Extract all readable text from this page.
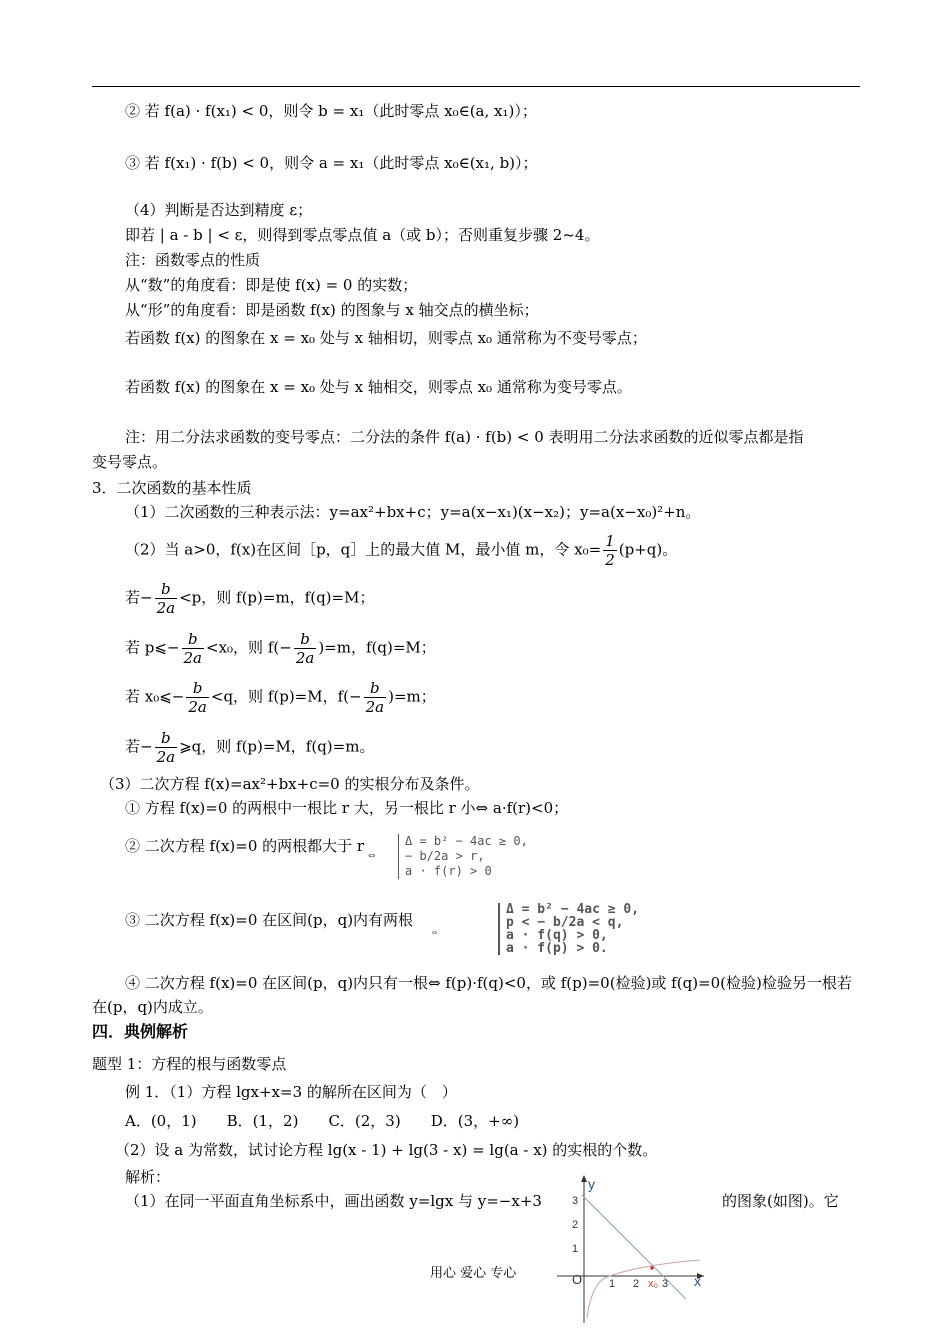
② 若 f(a) · f(x₁) < 0，则令 b = x₁（此时零点 x₀∈(a, x₁)）；
③ 若 f(x₁) · f(b) < 0，则令 a = x₁（此时零点 x₀∈(x₁, b)）；
（4）判断是否达到精度 ε；
即若 | a - b | < ε，则得到零点零点值 a（或 b）；否则重复步骤 2~4。
注：函数零点的性质
从“数”的角度看：即是使 f(x) = 0 的实数；
从“形”的角度看：即是函数 f(x) 的图象与 x 轴交点的横坐标；
若函数 f(x) 的图象在 x = x₀ 处与 x 轴相切，则零点 x₀ 通常称为不变号零点；
若函数 f(x) 的图象在 x = x₀ 处与 x 轴相交，则零点 x₀ 通常称为变号零点。
注：用二分法求函数的变号零点：二分法的条件 f(a) · f(b) < 0 表明用二分法求函数的近似零点都是指
变号零点。
3．二次函数的基本性质
（1）二次函数的三种表示法：y=ax²+bx+c；y=a(x−x₁)(x−x₂)；y=a(x−x₀)²+n。
（2）当 a>0，f(x)在区间［p，q］上的最大值 M，最小值 m，令 $x_0= \frac{1}{2} (p+q)$。
若− $\frac{b}{2a} <p$，则 f(p)=m，f(q)=M；
若 p⩽− $\frac{b}{2a} <x_0$，则 $f(- \frac{b}{2a} )=m$，f(q)=M；
若 x₀⩽− $\frac{b}{2a} <q$，则 f(p)=M，$f(- \frac{b}{2a} )=m$；
若− $\frac{b}{2a}$ ⩾q，则 f(p)=M，f(q)=m。
（3）二次方程 f(x)=ax²+bx+c=0 的实根分布及条件。
① 方程 f(x)=0 的两根中一根比 r 大，另一根比 r 小⇔ a·f(r)<0；
② 二次方程 f(x)=0 的两根都大于 r ⇔
Δ = b² − 4ac ≥ 0,
− b/2a > r,
a · f(r) > 0
③ 二次方程 f(x)=0 在区间(p，q)内有两根
⇔
Δ = b² − 4ac ≥ 0,
p < − b/2a < q,
a · f(q) > 0,
a · f(p) > 0.
④ 二次方程 f(x)=0 在区间(p，q)内只有一根⇔ f(p)·f(q)<0，或 f(p)=0(检验)或 f(q)=0(检验)检验另一根若
在(p，q)内成立。
四．典例解析
题型 1：方程的根与函数零点
例 1．（1）方程 lgx+x=3 的解所在区间为（　）
A．(0，1)　　B．(1，2)　　C．(2，3)　　D．(3，+∞)
（2）设 a 为常数，试讨论方程 lg(x - 1) + lg(3 - x) = lg(a - x) 的实根的个数。
解析：
（1）在同一平面直角坐标系中，画出函数 y=lgx 与 y=−x+3	的图象(如图)。它
y
x
O 1 2 3
x₀
1
2
3
用心 爱心 专心
